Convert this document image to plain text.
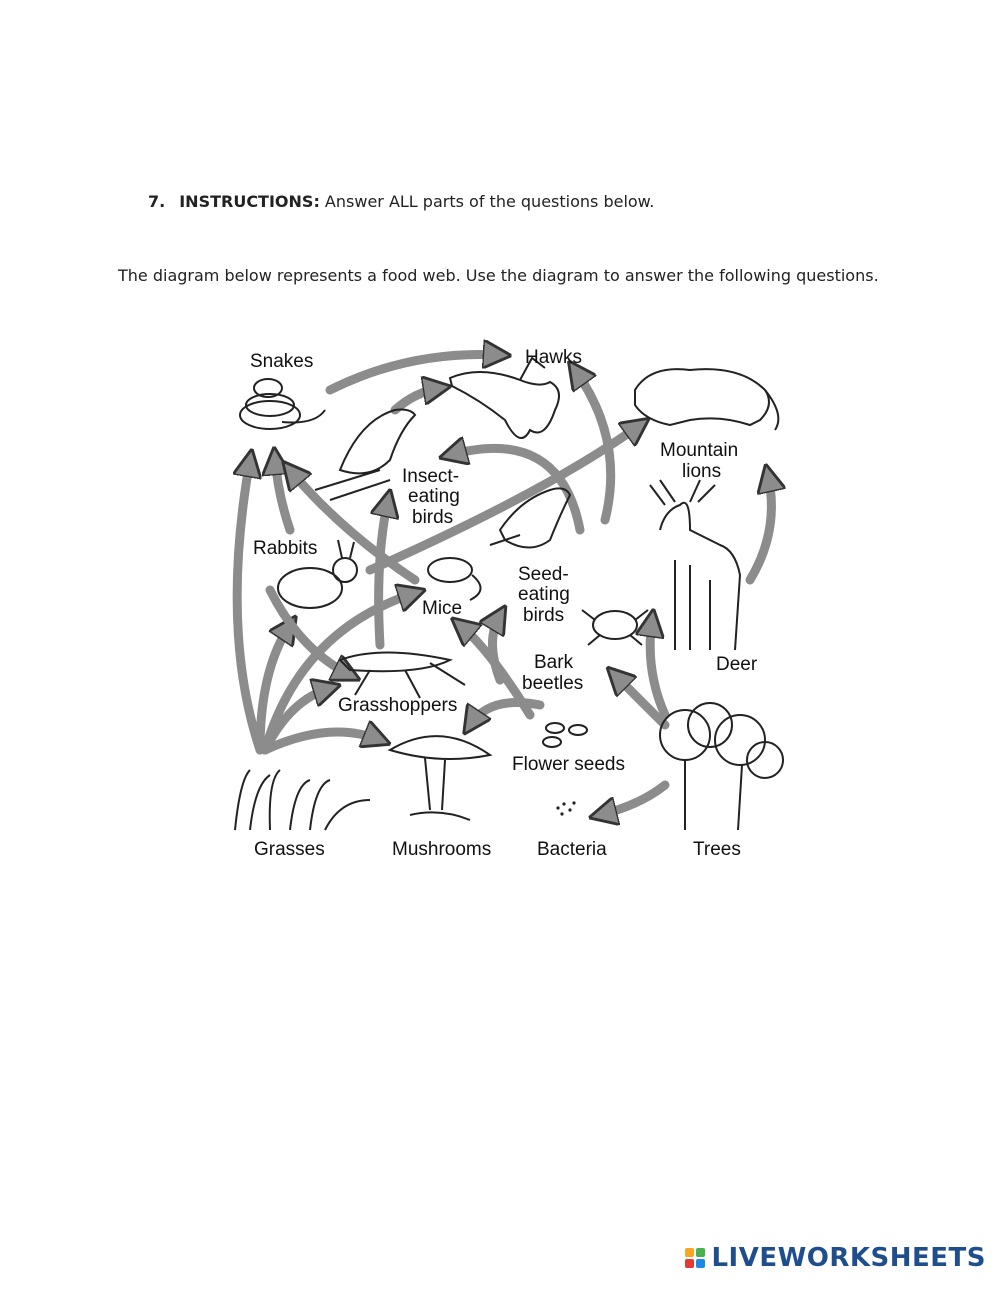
7. INSTRUCTIONS: Answer ALL parts of the questions below.
The diagram below represents a food web. Use the diagram to answer the following questions.
Snakes	Hawks
Mountain
lions
Insect-
eating
birds
Rabbits
Mice
Seed-
eating
birds
Deer
Bark
beetles
Grasshoppers
Flower seeds
Grasses	Mushrooms Bacteria	Trees
LIVEWORKSHEETS
